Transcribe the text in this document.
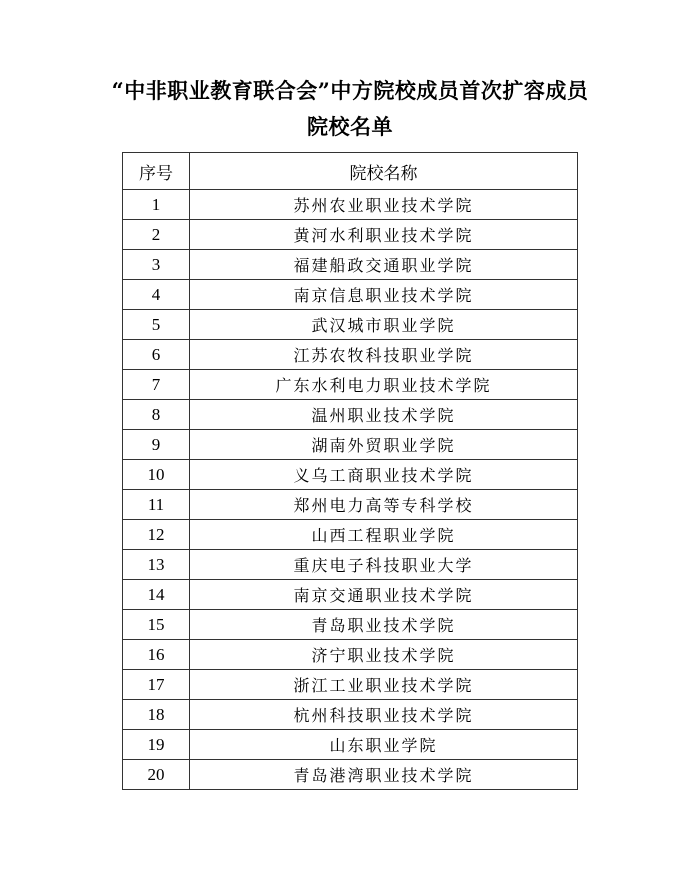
“中非职业教育联合会”中方院校成员首次扩容成员
院校名单
序号	院校名称
1	苏州农业职业技术学院
2	黄河水利职业技术学院
3	福建船政交通职业学院
4	南京信息职业技术学院
5	武汉城市职业学院
6	江苏农牧科技职业学院
7	广东水利电力职业技术学院
8	温州职业技术学院
9	湖南外贸职业学院
10	义乌工商职业技术学院
11	郑州电力高等专科学校
12	山西工程职业学院
13	重庆电子科技职业大学
14	南京交通职业技术学院
15	青岛职业技术学院
16	济宁职业技术学院
17	浙江工业职业技术学院
18	杭州科技职业技术学院
19	山东职业学院
20	青岛港湾职业技术学院
